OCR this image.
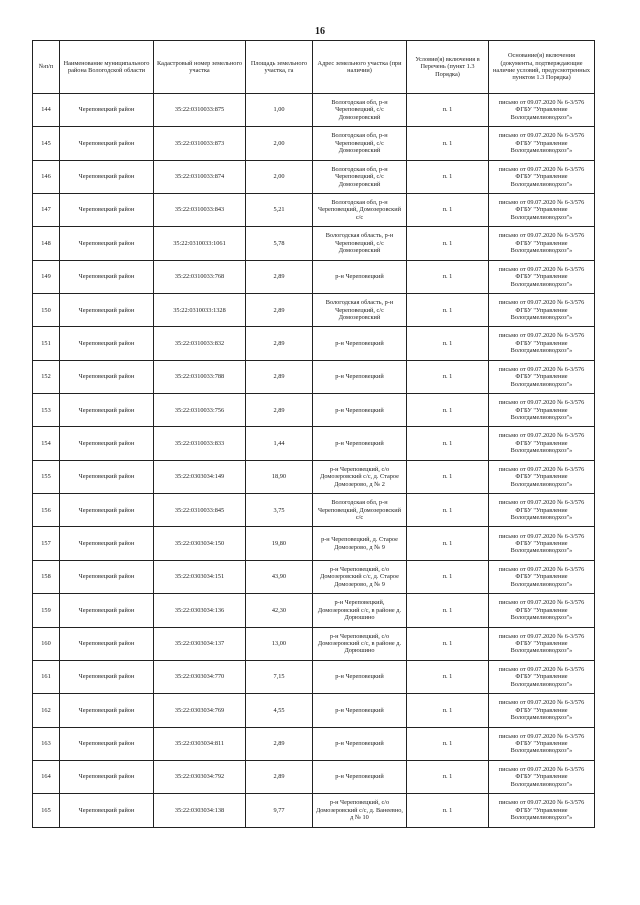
16
№п/п	Наименование муниципального района Вологодской области	Кадастровый номер земельного участка	Площадь земельного участка, га	Адрес земельного участка (при наличии)	Условие(я) включения в Перечень (пункт 1.3 Порядка)	Основание(я) включения (документы, подтверждающие наличие условий, предусмотренных пунктом 1.3 Порядка)
144	Череповецкий район	35:22:0310033:875	1,00	Вологодская обл, р-н Череповецкий, с/с Домозеровский	п. 1	письмо от 09.07.2020 № 6-3/576 ФГБУ "Управление Вологдамелиоводхоз"»
145	Череповецкий район	35:22:0310033:873	2,00	Вологодская обл, р-н Череповецкий, с/с Домозеровский	п. 1	письмо от 09.07.2020 № 6-3/576 ФГБУ "Управление Вологдамелиоводхоз"»
146	Череповецкий район	35:22:0310033:874	2,00	Вологодская обл, р-н Череповецкий, с/с Домозеровский	п. 1	письмо от 09.07.2020 № 6-3/576 ФГБУ "Управление Вологдамелиоводхоз"»
147	Череповецкий район	35:22:0310033:843	5,21	Вологодская обл, р-н Череповецкий, Домозеровский с/с	п. 1	письмо от 09.07.2020 № 6-3/576 ФГБУ "Управление Вологдамелиоводхоз"»
148	Череповецкий район	35:22:0310033:1061	5,78	Вологодская область, р-н Череповецкий, с/с Домозеровский	п. 1	письмо от 09.07.2020 № 6-3/576 ФГБУ "Управление Вологдамелиоводхоз"»
149	Череповецкий район	35:22:0310033:768	2,89	р-н Череповецкий	п. 1	письмо от 09.07.2020 № 6-3/576 ФГБУ "Управление Вологдамелиоводхоз"»
150	Череповецкий район	35:22:0310033:1328	2,89	Вологодская область, р-н Череповецкий, с/с Домозеровский	п. 1	письмо от 09.07.2020 № 6-3/576 ФГБУ "Управление Вологдамелиоводхоз"»
151	Череповецкий район	35:22:0310033:832	2,89	р-н Череповецкий	п. 1	письмо от 09.07.2020 № 6-3/576 ФГБУ "Управление Вологдамелиоводхоз"»
152	Череповецкий район	35:22:0310033:788	2,89	р-н Череповецкий	п. 1	письмо от 09.07.2020 № 6-3/576 ФГБУ "Управление Вологдамелиоводхоз"»
153	Череповецкий район	35:22:0310033:756	2,89	р-н Череповецкий	п. 1	письмо от 09.07.2020 № 6-3/576 ФГБУ "Управление Вологдамелиоводхоз"»
154	Череповецкий район	35:22:0310033:833	1,44	р-н Череповецкий	п. 1	письмо от 09.07.2020 № 6-3/576 ФГБУ "Управление Вологдамелиоводхоз"»
155	Череповецкий район	35:22:0303034:149	18,90	р-н Череповецкий, с/о Домозеровский с/с, д. Старое Домозерово, д № 2	п. 1	письмо от 09.07.2020 № 6-3/576 ФГБУ "Управление Вологдамелиоводхоз"»
156	Череповецкий район	35:22:0310033:845	3,75	Вологодская обл, р-н Череповецкий, Домозеровский с/с	п. 1	письмо от 09.07.2020 № 6-3/576 ФГБУ "Управление Вологдамелиоводхоз"»
157	Череповецкий район	35:22:0303034:150	19,80	р-н Череповецкий, д. Старое Домозерово, д № 9	п. 1	письмо от 09.07.2020 № 6-3/576 ФГБУ "Управление Вологдамелиоводхоз"»
158	Череповецкий район	35:22:0303034:151	43,90	р-н Череповецкий, с/о Домозеровский с/с, д. Старое Домозерово, д № 9	п. 1	письмо от 09.07.2020 № 6-3/576 ФГБУ "Управление Вологдамелиоводхоз"»
159	Череповецкий район	35:22:0303034:136	42,30	р-н Череповецкий, Домозеровский с/с, в районе д. Дорюшино	п. 1	письмо от 09.07.2020 № 6-3/576 ФГБУ "Управление Вологдамелиоводхоз"»
160	Череповецкий район	35:22:0303034:137	13,00	р-н Череповецкий, с/о Домозеровский с/с, в районе д. Дорюшино	п. 1	письмо от 09.07.2020 № 6-3/576 ФГБУ "Управление Вологдамелиоводхоз"»
161	Череповецкий район	35:22:0303034:770	7,15	р-н Череповецкий	п. 1	письмо от 09.07.2020 № 6-3/576 ФГБУ "Управление Вологдамелиоводхоз"»
162	Череповецкий район	35:22:0303034:769	4,55	р-н Череповецкий	п. 1	письмо от 09.07.2020 № 6-3/576 ФГБУ "Управление Вологдамелиоводхоз"»
163	Череповецкий район	35:22:0303034:811	2,89	р-н Череповецкий	п. 1	письмо от 09.07.2020 № 6-3/576 ФГБУ "Управление Вологдамелиоводхоз"»
164	Череповецкий район	35:22:0303034:792	2,89	р-н Череповецкий	п. 1	письмо от 09.07.2020 № 6-3/576 ФГБУ "Управление Вологдамелиоводхоз"»
165	Череповецкий район	35:22:0303034:138	9,77	р-н Череповецкий, с/о Домозеровский с/с, д. Ванеевно, д № 10	п. 1	письмо от 09.07.2020 № 6-3/576 ФГБУ "Управление Вологдамелиоводхоз"»
